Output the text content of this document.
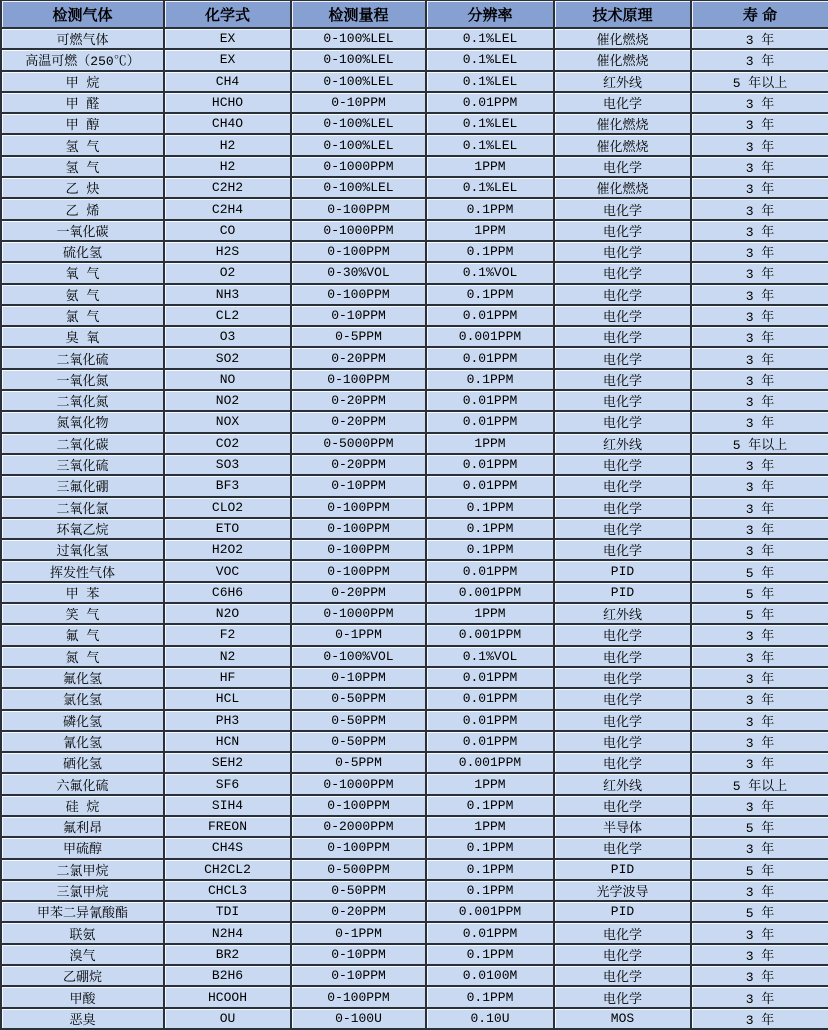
检测气体	化学式	检测量程	分辨率	技术原理	寿 命
可燃气体	EX	0-100%LEL	0.1%LEL	催化燃烧	3 年
高温可燃（250℃）	EX	0-100%LEL	0.1%LEL	催化燃烧	3 年
甲 烷	CH4	0-100%LEL	0.1%LEL	红外线	5 年以上
甲 醛	HCHO	0-10PPM	0.01PPM	电化学	3 年
甲 醇	CH4O	0-100%LEL	0.1%LEL	催化燃烧	3 年
氢 气	H2	0-100%LEL	0.1%LEL	催化燃烧	3 年
氢 气	H2	0-1000PPM	1PPM	电化学	3 年
乙 炔	C2H2	0-100%LEL	0.1%LEL	催化燃烧	3 年
乙 烯	C2H4	0-100PPM	0.1PPM	电化学	3 年
一氧化碳	CO	0-1000PPM	1PPM	电化学	3 年
硫化氢	H2S	0-100PPM	0.1PPM	电化学	3 年
氧 气	O2	0-30%VOL	0.1%VOL	电化学	3 年
氨 气	NH3	0-100PPM	0.1PPM	电化学	3 年
氯 气	CL2	0-10PPM	0.01PPM	电化学	3 年
臭 氧	O3	0-5PPM	0.001PPM	电化学	3 年
二氧化硫	SO2	0-20PPM	0.01PPM	电化学	3 年
一氧化氮	NO	0-100PPM	0.1PPM	电化学	3 年
二氧化氮	NO2	0-20PPM	0.01PPM	电化学	3 年
氮氧化物	NOX	0-20PPM	0.01PPM	电化学	3 年
二氧化碳	CO2	0-5000PPM	1PPM	红外线	5 年以上
三氧化硫	SO3	0-20PPM	0.01PPM	电化学	3 年
三氟化硼	BF3	0-10PPM	0.01PPM	电化学	3 年
二氧化氯	CLO2	0-100PPM	0.1PPM	电化学	3 年
环氧乙烷	ETO	0-100PPM	0.1PPM	电化学	3 年
过氧化氢	H2O2	0-100PPM	0.1PPM	电化学	3 年
挥发性气体	VOC	0-100PPM	0.01PPM	PID	5 年
甲 苯	C6H6	0-20PPM	0.001PPM	PID	5 年
笑 气	N2O	0-1000PPM	1PPM	红外线	5 年
氟 气	F2	0-1PPM	0.001PPM	电化学	3 年
氮 气	N2	0-100%VOL	0.1%VOL	电化学	3 年
氟化氢	HF	0-10PPM	0.01PPM	电化学	3 年
氯化氢	HCL	0-50PPM	0.01PPM	电化学	3 年
磷化氢	PH3	0-50PPM	0.01PPM	电化学	3 年
氰化氢	HCN	0-50PPM	0.01PPM	电化学	3 年
硒化氢	SEH2	0-5PPM	0.001PPM	电化学	3 年
六氟化硫	SF6	0-1000PPM	1PPM	红外线	5 年以上
硅 烷	SIH4	0-100PPM	0.1PPM	电化学	3 年
氟利昂	FREON	0-2000PPM	1PPM	半导体	5 年
甲硫醇	CH4S	0-100PPM	0.1PPM	电化学	3 年
二氯甲烷	CH2CL2	0-500PPM	0.1PPM	PID	5 年
三氯甲烷	CHCL3	0-50PPM	0.1PPM	光学波导	3 年
甲苯二异氰酸酯	TDI	0-20PPM	0.001PPM	PID	5 年
联氨	N2H4	0-1PPM	0.01PPM	电化学	3 年
溴气	BR2	0-10PPM	0.1PPM	电化学	3 年
乙硼烷	B2H6	0-10PPM	0.0100M	电化学	3 年
甲酸	HCOOH	0-100PPM	0.1PPM	电化学	3 年
恶臭	OU	0-100U	0.10U	MOS	3 年
